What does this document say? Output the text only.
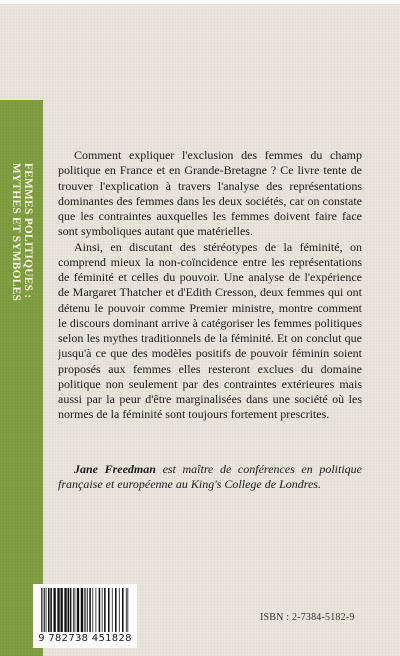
FEMMES POLITIQUES :
MYTHES ET SYMBOLES

Comment expliquer l'exclusion des femmes du champ politique en France et en Grande-Bretagne ? Ce livre tente de trouver l'explication à travers l'analyse des représentations dominantes des femmes dans les deux sociétés, car on constate que les contraintes auxquelles les femmes doivent faire face sont symboliques autant que matérielles.

Ainsi, en discutant des stéréotypes de la féminité, on comprend mieux la non-coïncidence entre les représentations de féminité et celles du pouvoir. Une analyse de l'expérience de Margaret Thatcher et d'Edith Cresson, deux femmes qui ont détenu le pouvoir comme Premier ministre, montre comment le discours dominant arrive à catégoriser les femmes politiques selon les mythes traditionnels de la féminité. Et on conclut que jusqu'à ce que des modèles positifs de pouvoir féminin soient proposés aux femmes elles resteront exclues du domaine politique non seulement par des contraintes extérieures mais aussi par la peur d'être marginalisées dans une société où les normes de la féminité sont toujours fortement prescrites.

Jane Freedman est maître de conférences en politique française et européenne au King's College de Londres.

9 782738 451828
ISBN : 2-7384-5182-9
